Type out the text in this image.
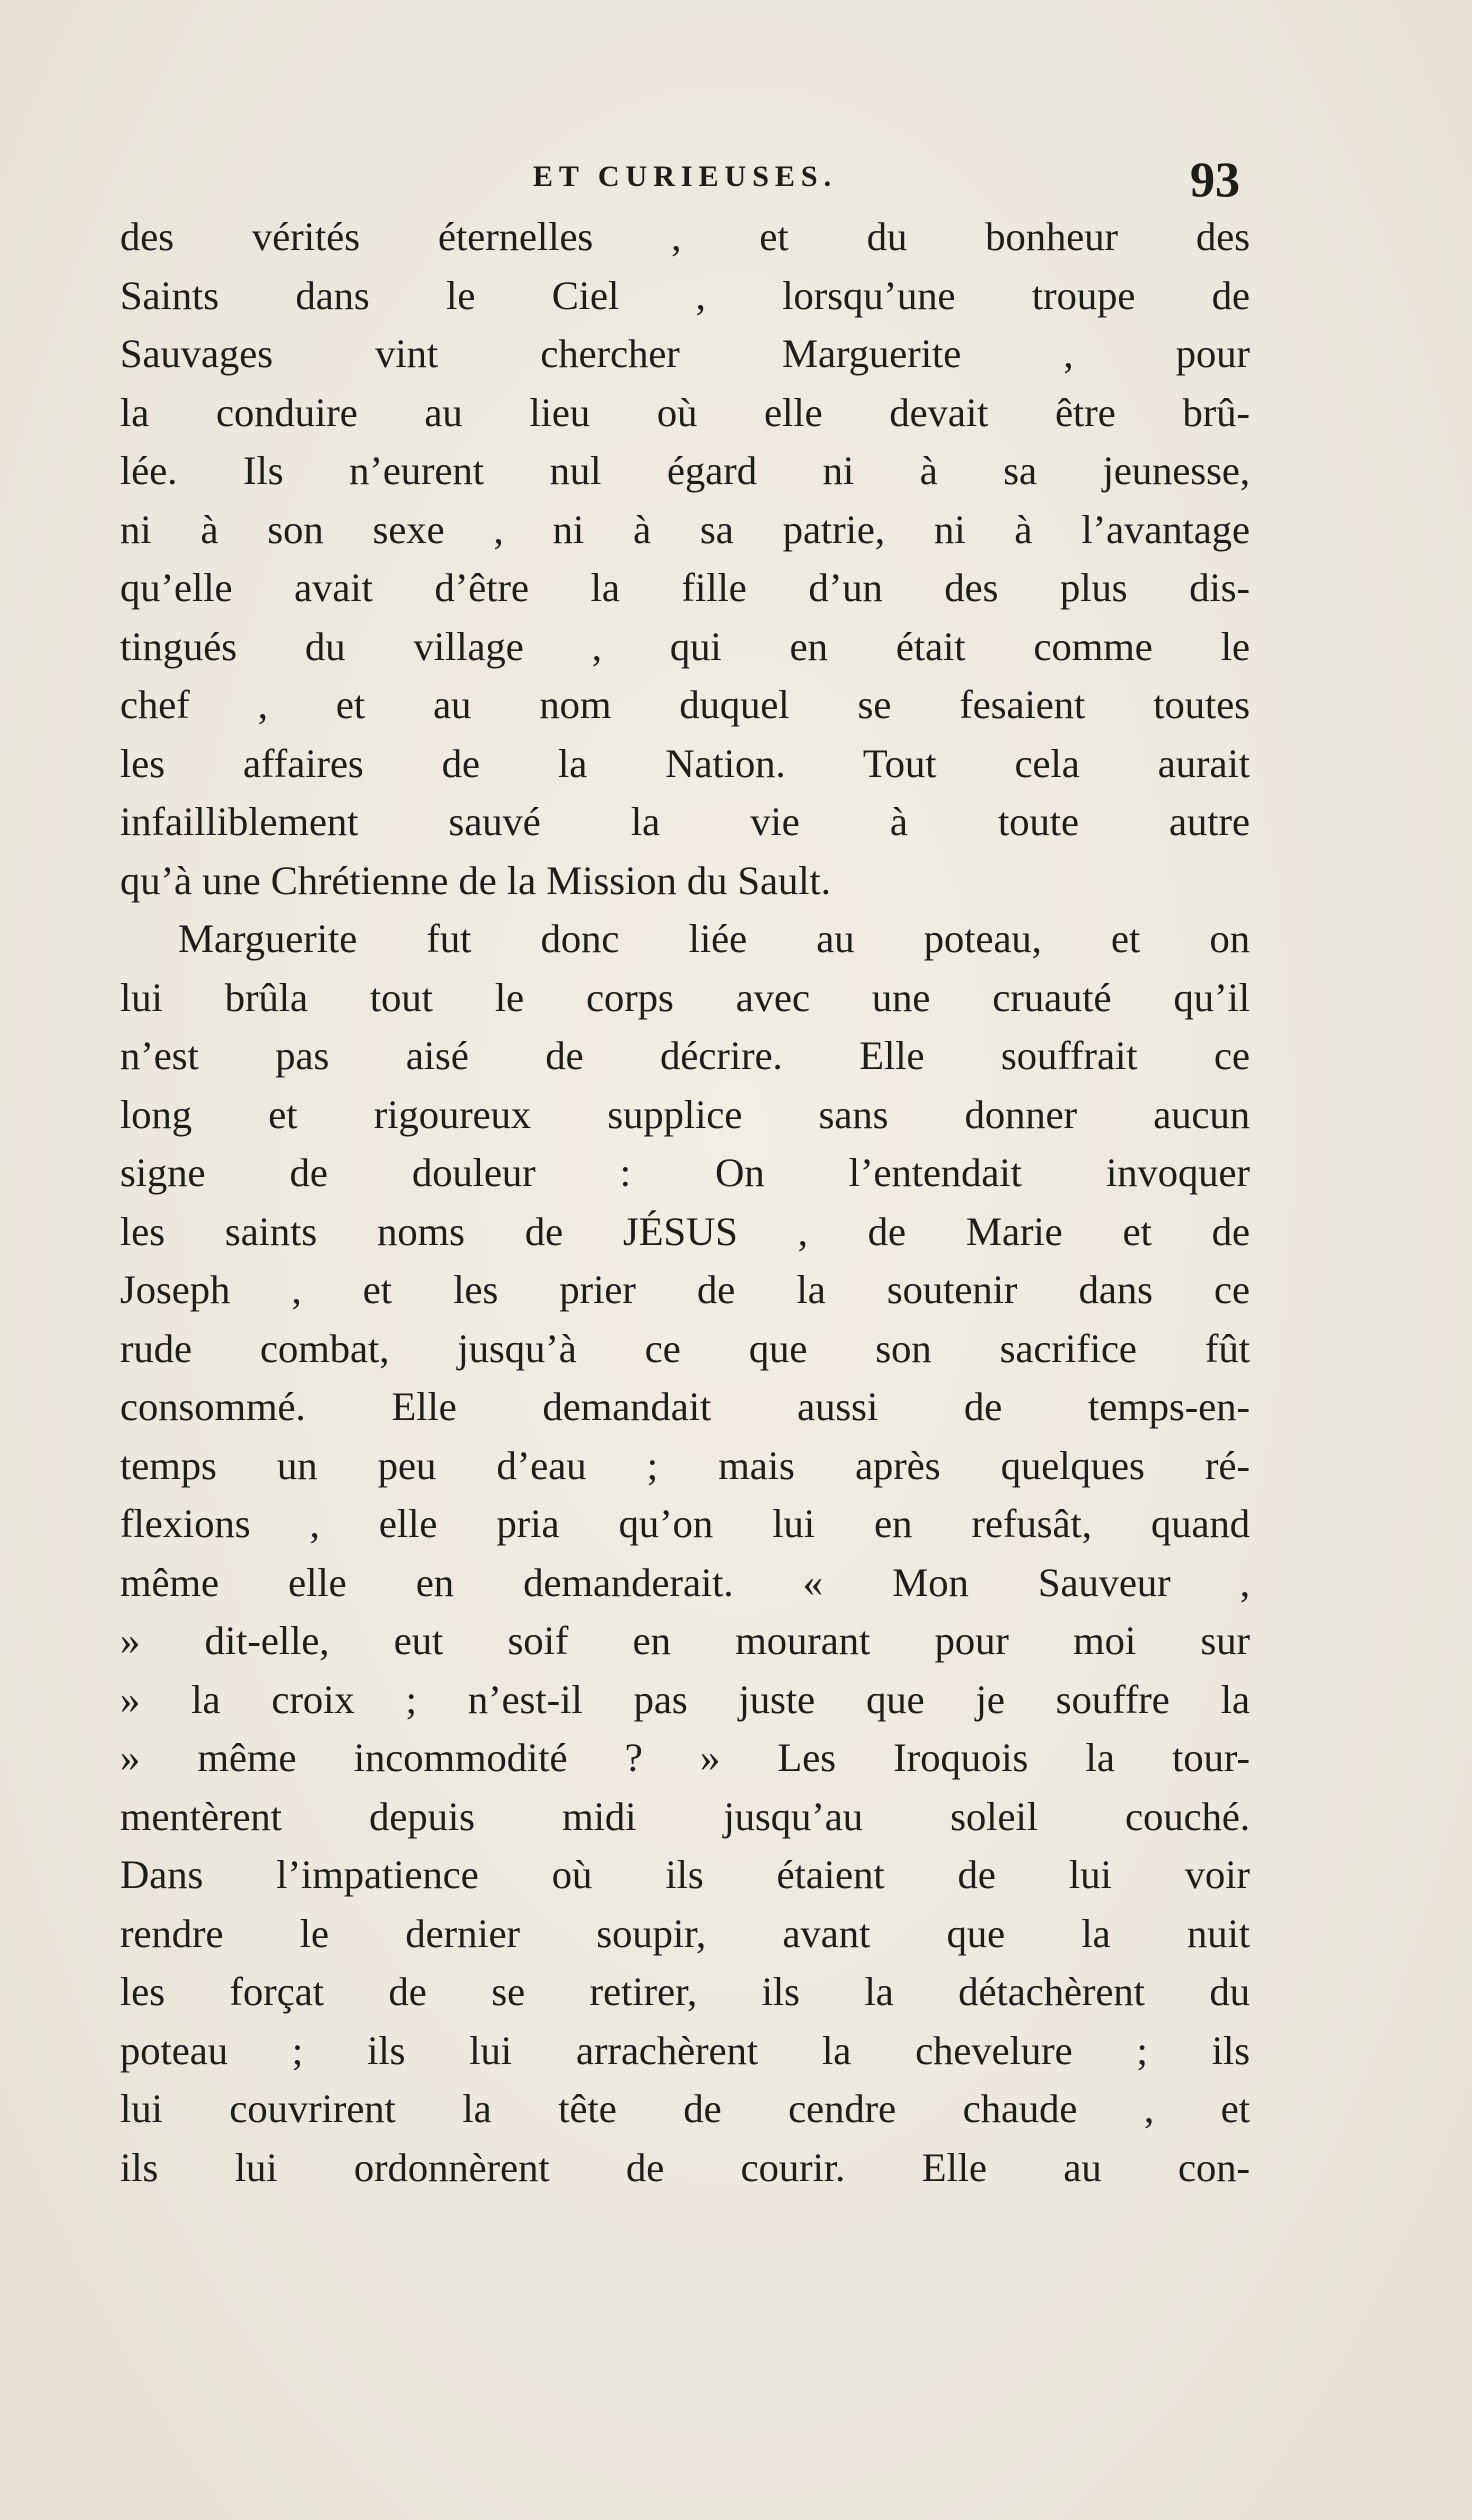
ET CURIEUSES.	93
des vérités éternelles , et du bonheur des
Saints dans le Ciel , lorsqu’une troupe de
Sauvages vint chercher Marguerite , pour
la conduire au lieu où elle devait être brû-
lée. Ils n’eurent nul égard ni à sa jeunesse,
ni à son sexe , ni à sa patrie, ni à l’avantage
qu’elle avait d’être la fille d’un des plus dis-
tingués du village , qui en était comme le
chef , et au nom duquel se fesaient toutes
les affaires de la Nation. Tout cela aurait
infailliblement sauvé la vie à toute autre
qu’à une Chrétienne de la Mission du Sault.
Marguerite fut donc liée au poteau, et on
lui brûla tout le corps avec une cruauté qu’il
n’est pas aisé de décrire. Elle souffrait ce
long et rigoureux supplice sans donner aucun
signe de douleur : On l’entendait invoquer
les saints noms de JÉSUS , de Marie et de
Joseph , et les prier de la soutenir dans ce
rude combat, jusqu’à ce que son sacrifice fût
consommé. Elle demandait aussi de temps-en-
temps un peu d’eau ; mais après quelques ré-
flexions , elle pria qu’on lui en refusât, quand
même elle en demanderait. « Mon Sauveur ,
» dit-elle, eut soif en mourant pour moi sur
» la croix ; n’est-il pas juste que je souffre la
» même incommodité ? » Les Iroquois la tour-
mentèrent depuis midi jusqu’au soleil couché.
Dans l’impatience où ils étaient de lui voir
rendre le dernier soupir, avant que la nuit
les forçat de se retirer, ils la détachèrent du
poteau ; ils lui arrachèrent la chevelure ; ils
lui couvrirent la tête de cendre chaude , et
ils lui ordonnèrent de courir. Elle au con-
